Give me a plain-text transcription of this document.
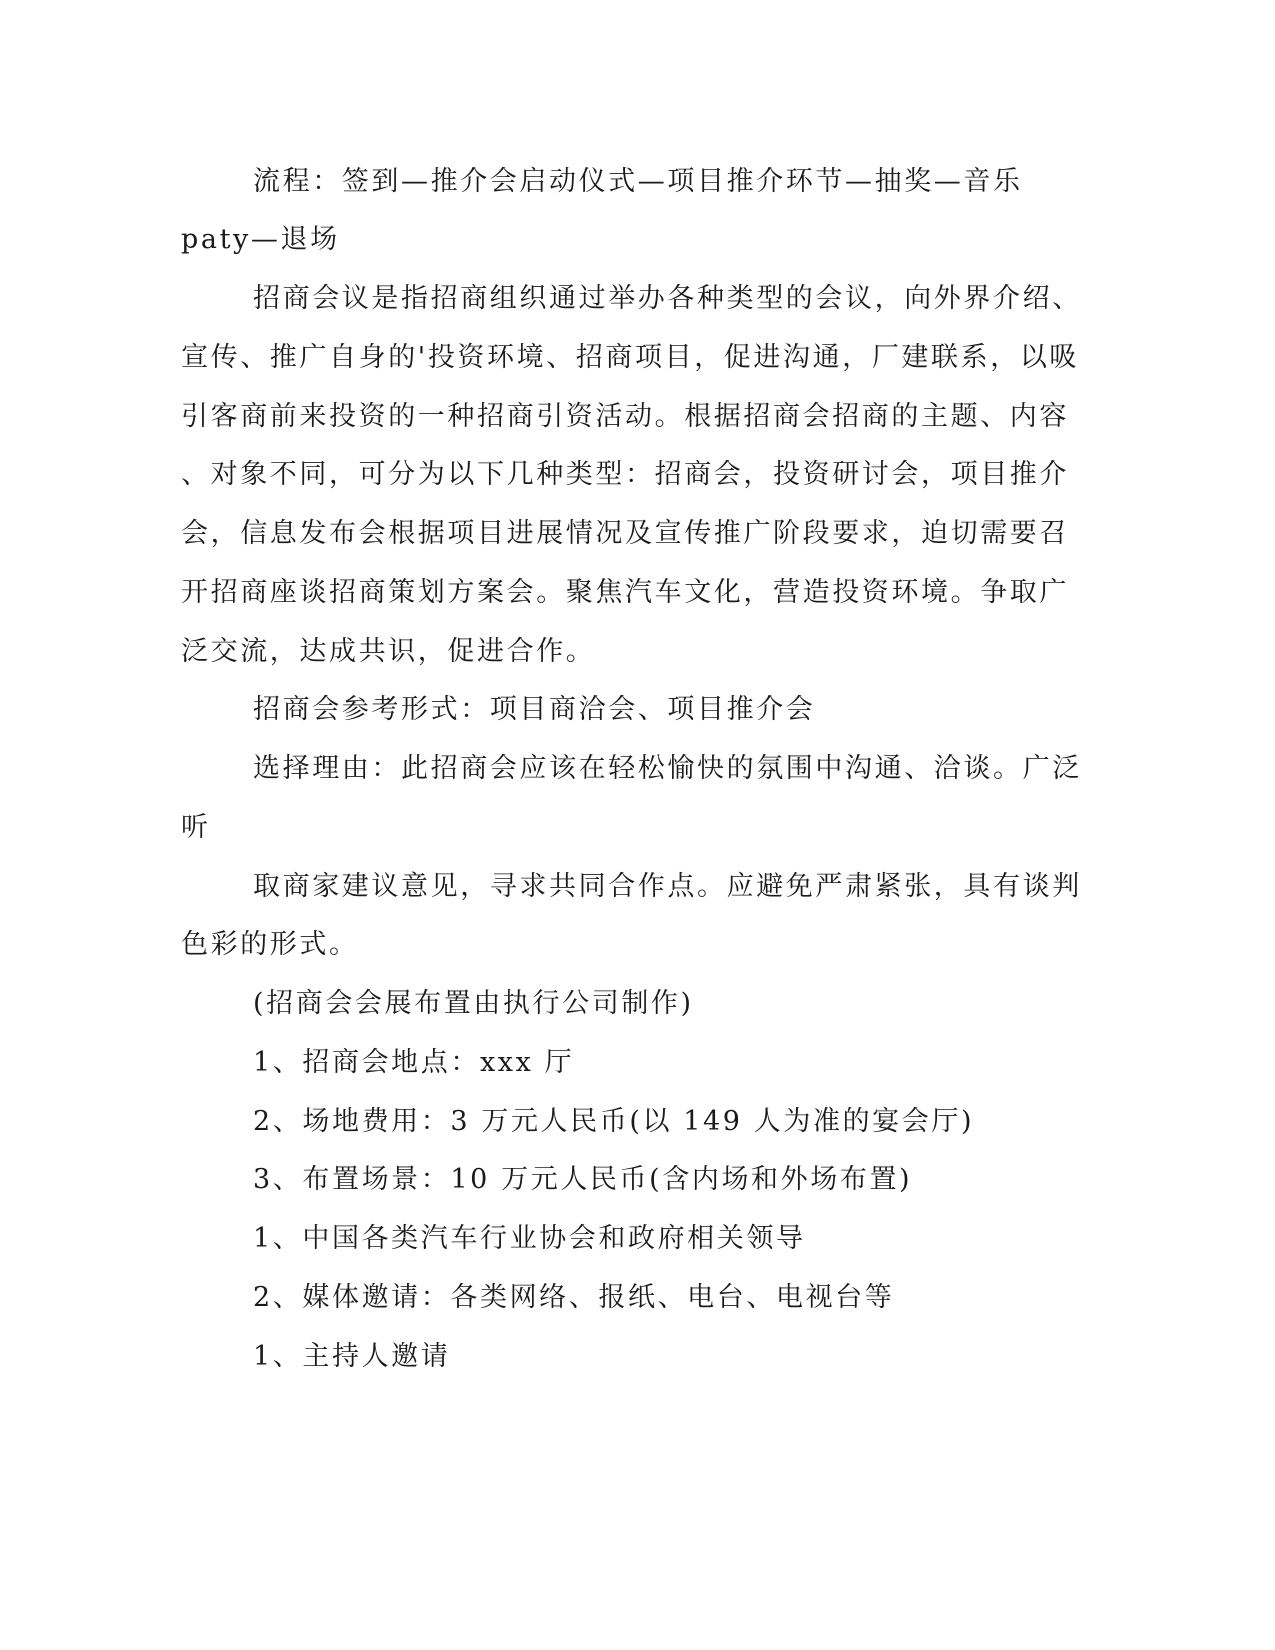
流程：签到—推介会启动仪式—项目推介环节—抽奖—音乐
paty—退场
招商会议是指招商组织通过举办各种类型的会议，向外界介绍、
宣传、推广自身的'投资环境、招商项目，促进沟通，厂建联系，以吸
引客商前来投资的一种招商引资活动。根据招商会招商的主题、内容
、对象不同，可分为以下几种类型：招商会，投资研讨会，项目推介
会，信息发布会根据项目进展情况及宣传推广阶段要求，迫切需要召
开招商座谈招商策划方案会。聚焦汽车文化，营造投资环境。争取广
泛交流，达成共识，促进合作。
招商会参考形式：项目商洽会、项目推介会
选择理由：此招商会应该在轻松愉快的氛围中沟通、洽谈。广泛
听
取商家建议意见，寻求共同合作点。应避免严肃紧张，具有谈判
色彩的形式。
(招商会会展布置由执行公司制作)
1、招商会地点：xxx 厅
2、场地费用：3 万元人民币(以 149 人为准的宴会厅)
3、布置场景：10 万元人民币(含内场和外场布置)
1、中国各类汽车行业协会和政府相关领导
2、媒体邀请：各类网络、报纸、电台、电视台等
1、主持人邀请
